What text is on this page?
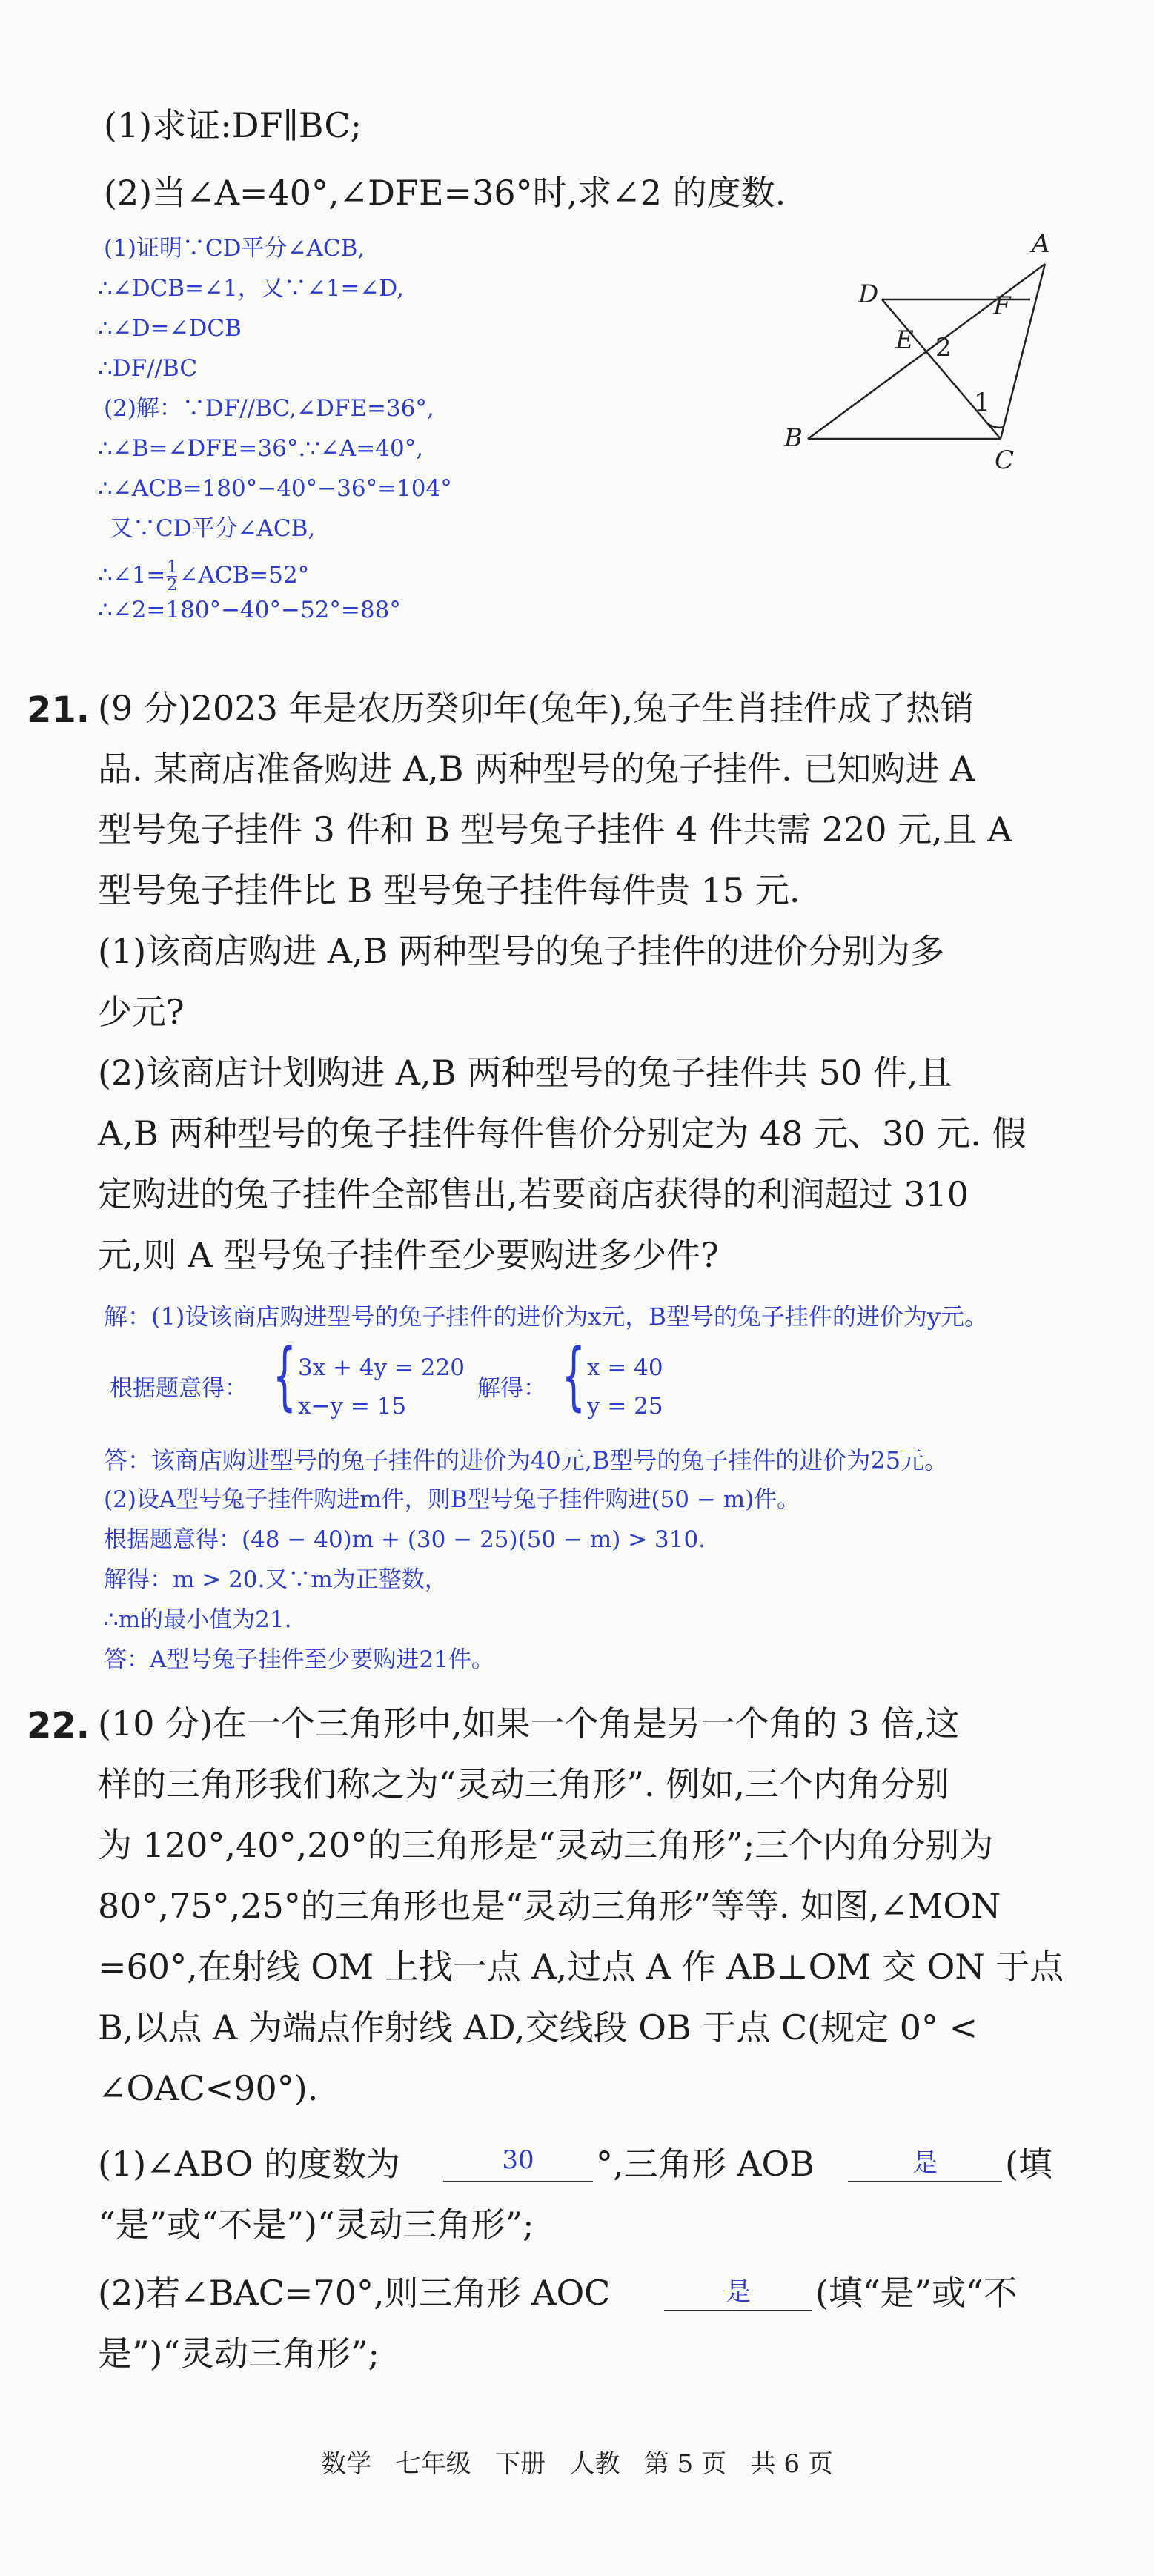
(1)求证:DF∥BC;
(2)当∠A=40°,∠DFE=36°时,求∠2 的度数.
(1)证明∵CD平分∠ACB,
∴∠DCB=∠1，又∵∠1=∠D,
∴∠D=∠DCB
∴DF//BC
(2)解：∵DF//BC,∠DFE=36°,
∴∠B=∠DFE=36°.∵∠A=40°,
∴∠ACB=180°−40°−36°=104°
又∵CD平分∠ACB,
∴∠1= $\frac{1}{2}$ ∠ACB=52°
∴∠2=180°−40°−52°=88°
A
D	F
E 2
1
B
C
21. (9 分)2023 年是农历癸卯年(兔年),兔子生肖挂件成了热销
品. 某商店准备购进 A,B 两种型号的兔子挂件. 已知购进 A
型号兔子挂件 3 件和 B 型号兔子挂件 4 件共需 220 元,且 A
型号兔子挂件比 B 型号兔子挂件每件贵 15 元.
(1)该商店购进 A,B 两种型号的兔子挂件的进价分别为多
少元?
(2)该商店计划购进 A,B 两种型号的兔子挂件共 50 件,且
A,B 两种型号的兔子挂件每件售价分别定为 48 元、30 元. 假
定购进的兔子挂件全部售出,若要商店获得的利润超过 310
元,则 A 型号兔子挂件至少要购进多少件?
解：(1)设该商店购进型号的兔子挂件的进价为x元，B型号的兔子挂件的进价为y元。
根据题意得： { 3x + 4y = 220
x−y = 15
解得： { x = 40
y = 25
答：该商店购进型号的兔子挂件的进价为40元,B型号的兔子挂件的进价为25元。
(2)设A型号兔子挂件购进m件，则B型号兔子挂件购进(50 − m)件。
根据题意得：(48 − 40)m + (30 − 25)(50 − m) > 310.
解得：m > 20.又∵m为正整数，
∴m的最小值为21.
答：A型号兔子挂件至少要购进21件。
22. (10 分)在一个三角形中,如果一个角是另一个角的 3 倍,这
样的三角形我们称之为“灵动三角形”. 例如,三个内角分别
为 120°,40°,20°的三角形是“灵动三角形”;三个内角分别为
80°,75°,25°的三角形也是“灵动三角形”等等. 如图,∠MON
=60°,在射线 OM 上找一点 A,过点 A 作 AB⊥OM 交 ON 于点
B,以点 A 为端点作射线 AD,交线段 OB 于点 C(规定 0° <
∠OAC<90°).
(1)∠ABO 的度数为	30	°,三角形 AOB	是	(填
“是”或“不是”)“灵动三角形”;
(2)若∠BAC=70°,则三角形 AOC	是	(填“是”或“不
是”)“灵动三角形”;
数学   七年级   下册   人教   第 5 页   共 6 页
